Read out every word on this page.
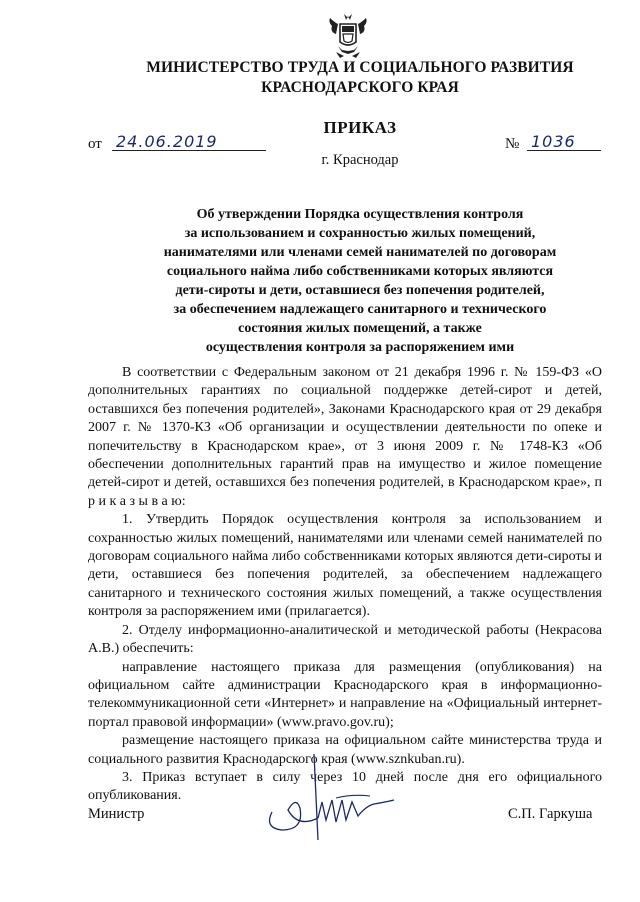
МИНИСТЕРСТВО ТРУДА И СОЦИАЛЬНОГО РАЗВИТИЯ
КРАСНОДАРСКОГО КРАЯ
ПРИКАЗ
от 24.06.2019	№ 1036
г. Краснодар
Об утверждении Порядка осуществления контроля
за использованием и сохранностью жилых помещений,
нанимателями или членами семей нанимателей по договорам
социального найма либо собственниками которых являются
дети-сироты и дети, оставшиеся без попечения родителей,
за обеспечением надлежащего санитарного и технического
состояния жилых помещений, а также
осуществления контроля за распоряжением ими

В соответствии с Федеральным законом от 21 декабря 1996 г. № 159-ФЗ «О дополнительных гарантиях по социальной поддержке детей-сирот и детей, оставшихся без попечения родителей», Законами Краснодарского края от 29 декабря 2007 г. № 1370-КЗ «Об организации и осуществлении деятельности по опеке и попечительству в Краснодарском крае», от 3 июня 2009 г. № 1748-КЗ «Об обеспечении дополнительных гарантий прав на имущество и жилое помещение детей-сирот и детей, оставшихся без попечения родителей, в Краснодарском крае», п р и к а з ы в а ю:

1. Утвердить Порядок осуществления контроля за использованием и сохранностью жилых помещений, нанимателями или членами семей нанимателей по договорам социального найма либо собственниками которых являются дети-сироты и дети, оставшиеся без попечения родителей, за обеспечением надлежащего санитарного и технического состояния жилых помещений, а также осуществления контроля за распоряжением ими (прилагается).

2. Отделу информационно-аналитической и методической работы (Некрасова А.В.) обеспечить:

направление настоящего приказа для размещения (опубликования) на официальном сайте администрации Краснодарского края в информационно-телекоммуникационной сети «Интернет» и направление на «Официальный интернет-портал правовой информации» (www.pravo.gov.ru);

размещение настоящего приказа на официальном сайте министерства труда и социального развития Краснодарского края (www.sznkuban.ru).

3. Приказ вступает в силу через 10 дней после дня его официального опубликования.

Министр	С.П. Гаркуша
